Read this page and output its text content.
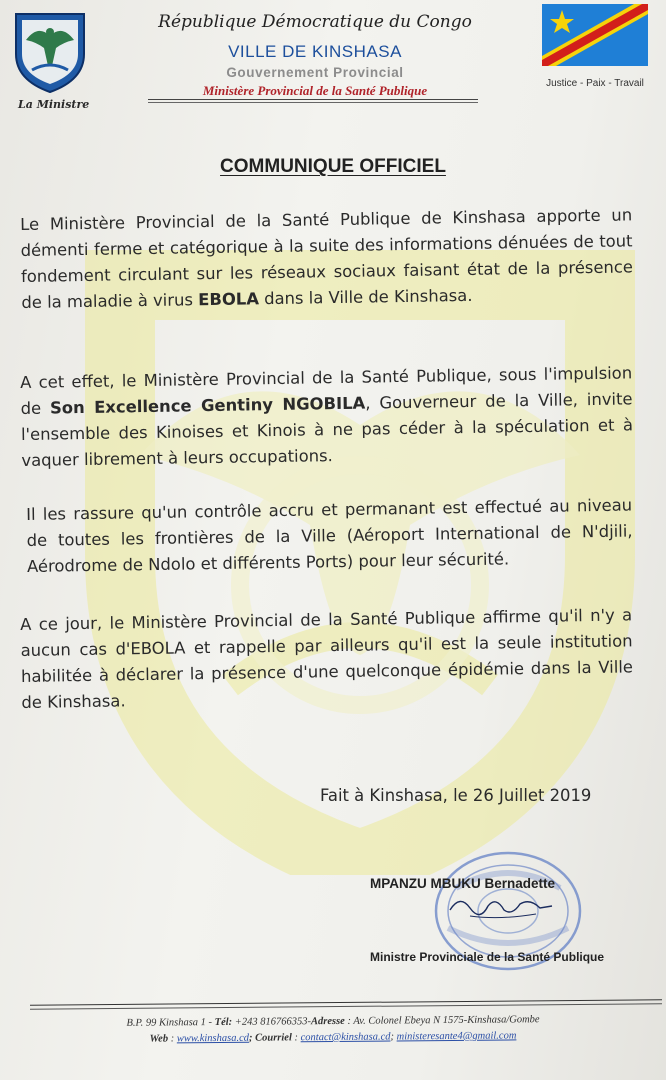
La Ministre
République Démocratique du Congo
VILLE DE KINSHASA
Gouvernement Provincial
Ministère Provincial de la Santé Publique	Justice - Paix - Travail
COMMUNIQUE OFFICIEL
Le Ministère Provincial de la Santé Publique de Kinshasa apporte un démenti ferme et catégorique à la suite des informations dénuées de tout fondement circulant sur les réseaux sociaux faisant état de la présence de la maladie à virus EBOLA dans la Ville de Kinshasa.
A cet effet, le Ministère Provincial de la Santé Publique, sous l'impulsion de Son Excellence Gentiny NGOBILA, Gouverneur de la Ville, invite l'ensemble des Kinoises et Kinois à ne pas céder à la spéculation et à vaquer librement à leurs occupations.
Il les rassure qu'un contrôle accru et permanant est effectué au niveau de toutes les frontières de la Ville (Aéroport International de N'djili, Aérodrome de Ndolo et différents Ports) pour leur sécurité.
A ce jour, le Ministère Provincial de la Santé Publique affirme qu'il n'y a aucun cas d'EBOLA et rappelle par ailleurs qu'il est la seule institution habilitée à déclarer la présence d'une quelconque épidémie dans la Ville de Kinshasa.
Fait à Kinshasa, le 26 Juillet 2019
MPANZU MBUKU Bernadette
Ministre Provinciale de la Santé Publique
B.P. 99 Kinshasa 1 - Tél: +243 816766353-Adresse : Av. Colonel Ebeya N 1575-Kinshasa/Gombe
Web : www.kinshasa.cd; Courriel : contact@kinshasa.cd; ministeresante4@gmail.com
